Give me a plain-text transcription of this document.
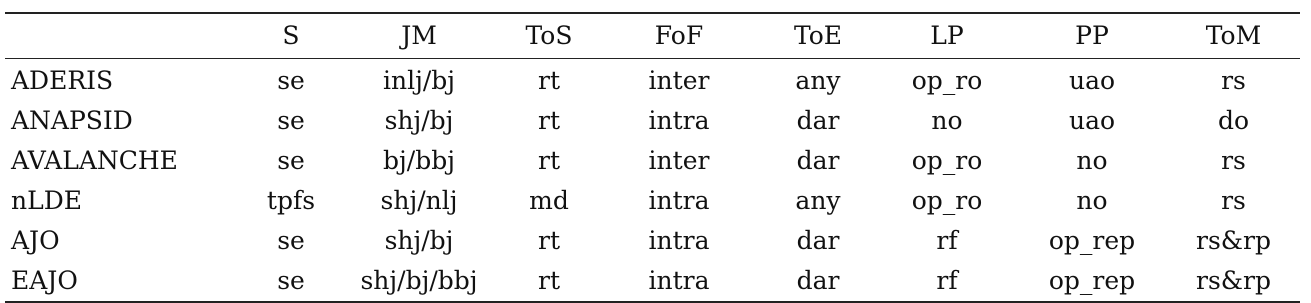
	S	JM	ToS	FoF	ToE	LP	PP	ToM
ADERIS	se	inlj/bj	rt	inter	any	op_ro	uao	rs
ANAPSID	se	shj/bj	rt	intra	dar	no	uao	do
AVALANCHE	se	bj/bbj	rt	inter	dar	op_ro	no	rs
nLDE	tpfs	shj/nlj	md	intra	any	op_ro	no	rs
AJO	se	shj/bj	rt	intra	dar	rf	op_rep	rs&rp
EAJO	se	shj/bj/bbj	rt	intra	dar	rf	op_rep	rs&rp
